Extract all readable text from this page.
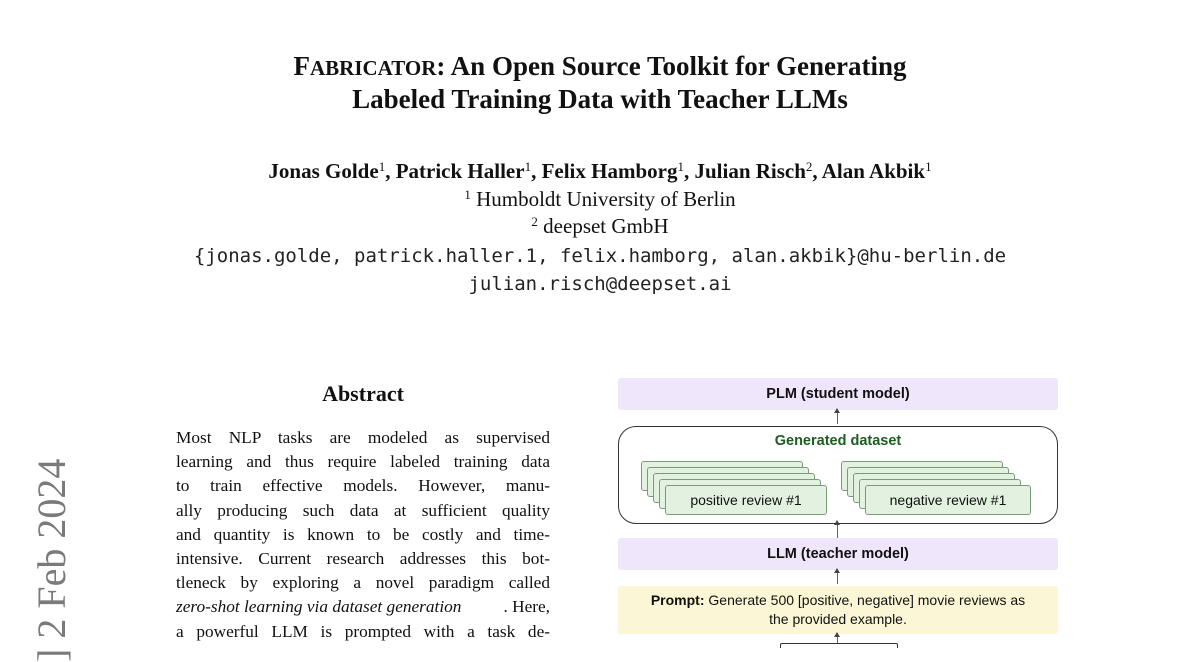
FABRICATOR: An Open Source Toolkit for Generating
Labeled Training Data with Teacher LLMs
Jonas Golde$^1$, Patrick Haller$^1$, Felix Hamborg$^1$, Julian Risch$^2$, Alan Akbik$^1$
$^1$ Humboldt University of Berlin
$^2$ deepset GmbH
{jonas.golde, patrick.haller.1, felix.hamborg, alan.akbik}@hu-berlin.de
julian.risch@deepset.ai
] 2 Feb 2024
Abstract
Most NLP tasks are modeled as supervised
learning and thus require labeled training data
to train effective models. However, manu-
ally producing such data at sufficient quality
and quantity is known to be costly and time-
intensive. Current research addresses this bot-
tleneck by exploring a novel paradigm called
zero-shot learning via dataset generation . Here,
a powerful LLM is prompted with a task de-
PLM (student model)
Generated dataset
positive review #1	negative review #1
LLM (teacher model)
Prompt: Generate 500 [positive, negative] movie reviews as
the provided example.
